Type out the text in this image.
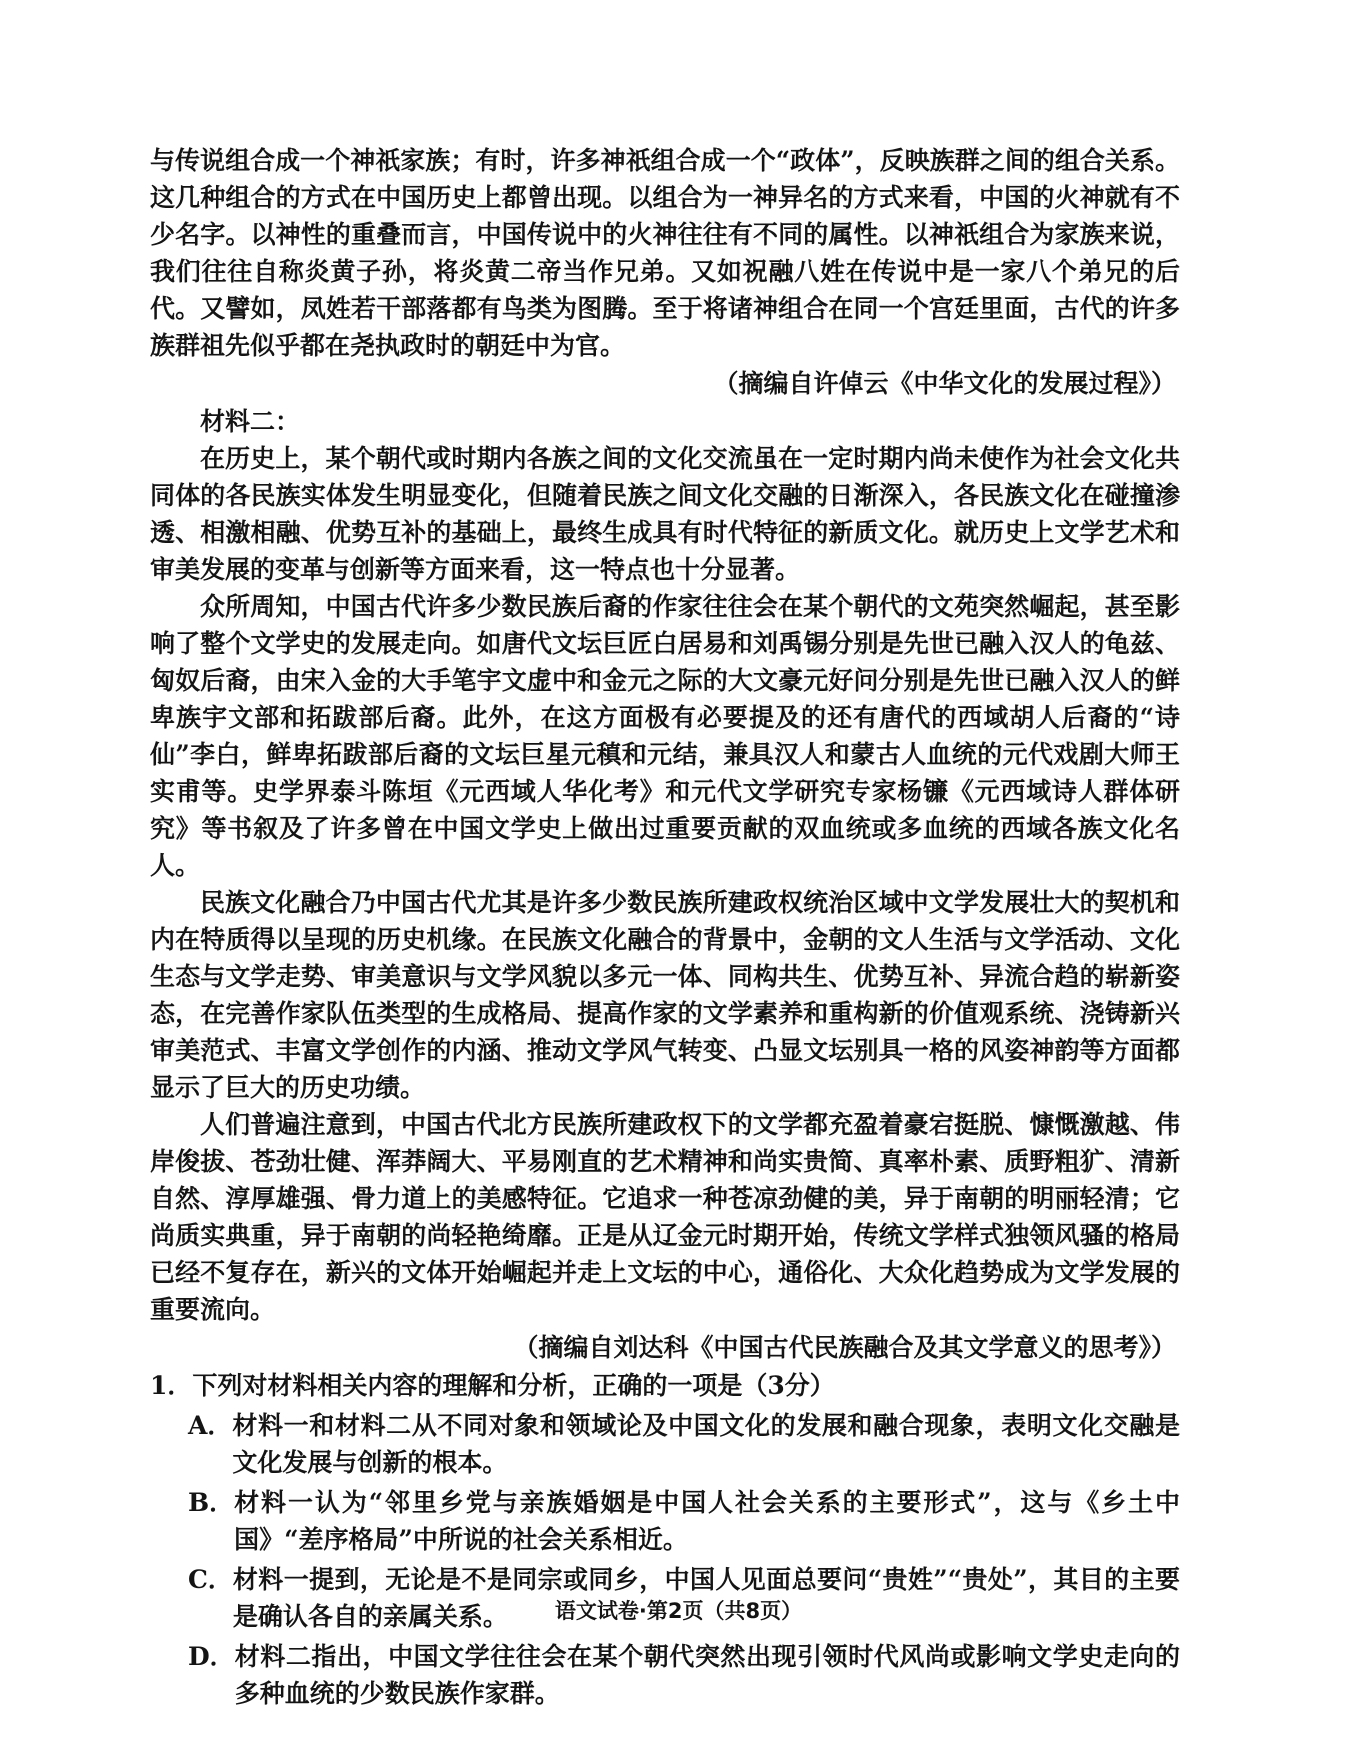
与传说组合成一个神祇家族；有时，许多神祇组合成一个“政体”，反映族群之间的组合关系。这几种组合的方式在中国历史上都曾出现。以组合为一神异名的方式来看，中国的火神就有不少名字。以神性的重叠而言，中国传说中的火神往往有不同的属性。以神祇组合为家族来说，我们往往自称炎黄子孙，将炎黄二帝当作兄弟。又如祝融八姓在传说中是一家八个弟兄的后代。又譬如，凤姓若干部落都有鸟类为图腾。至于将诸神组合在同一个宫廷里面，古代的许多族群祖先似乎都在尧执政时的朝廷中为官。

（摘编自许倬云《中华文化的发展过程》）

材料二：

在历史上，某个朝代或时期内各族之间的文化交流虽在一定时期内尚未使作为社会文化共同体的各民族实体发生明显变化，但随着民族之间文化交融的日渐深入，各民族文化在碰撞渗透、相激相融、优势互补的基础上，最终生成具有时代特征的新质文化。就历史上文学艺术和审美发展的变革与创新等方面来看，这一特点也十分显著。

众所周知，中国古代许多少数民族后裔的作家往往会在某个朝代的文苑突然崛起，甚至影响了整个文学史的发展走向。如唐代文坛巨匠白居易和刘禹锡分别是先世已融入汉人的龟兹、匈奴后裔，由宋入金的大手笔宇文虚中和金元之际的大文豪元好问分别是先世已融入汉人的鲜卑族宇文部和拓跋部后裔。此外，在这方面极有必要提及的还有唐代的西域胡人后裔的“诗仙”李白，鲜卑拓跋部后裔的文坛巨星元稹和元结，兼具汉人和蒙古人血统的元代戏剧大师王实甫等。史学界泰斗陈垣《元西域人华化考》和元代文学研究专家杨镰《元西域诗人群体研究》等书叙及了许多曾在中国文学史上做出过重要贡献的双血统或多血统的西域各族文化名人。

民族文化融合乃中国古代尤其是许多少数民族所建政权统治区域中文学发展壮大的契机和内在特质得以呈现的历史机缘。在民族文化融合的背景中，金朝的文人生活与文学活动、文化生态与文学走势、审美意识与文学风貌以多元一体、同构共生、优势互补、异流合趋的崭新姿态，在完善作家队伍类型的生成格局、提高作家的文学素养和重构新的价值观系统、浇铸新兴审美范式、丰富文学创作的内涵、推动文学风气转变、凸显文坛别具一格的风姿神韵等方面都显示了巨大的历史功绩。

人们普遍注意到，中国古代北方民族所建政权下的文学都充盈着豪宕挺脱、慷慨激越、伟岸俊拔、苍劲壮健、浑莽阔大、平易刚直的艺术精神和尚实贵简、真率朴素、质野粗犷、清新自然、淳厚雄强、骨力道上的美感特征。它追求一种苍凉劲健的美，异于南朝的明丽轻清；它尚质实典重，异于南朝的尚轻艳绮靡。正是从辽金元时期开始，传统文学样式独领风骚的格局已经不复存在，新兴的文体开始崛起并走上文坛的中心，通俗化、大众化趋势成为文学发展的重要流向。

（摘编自刘达科《中国古代民族融合及其文学意义的思考》）

1．下列对材料相关内容的理解和分析，正确的一项是（3分）
A． 材料一和材料二从不同对象和领域论及中国文化的发展和融合现象，表明文化交融是文化发展与创新的根本。
B． 材料一认为“邻里乡党与亲族婚姻是中国人社会关系的主要形式”，这与《乡土中国》“差序格局”中所说的社会关系相近。
C． 材料一提到，无论是不是同宗或同乡，中国人见面总要问“贵姓”“贵处”，其目的主要是确认各自的亲属关系。
D． 材料二指出，中国文学往往会在某个朝代突然出现引领时代风尚或影响文学史走向的多种血统的少数民族作家群。
语文试卷·第2页（共8页）
